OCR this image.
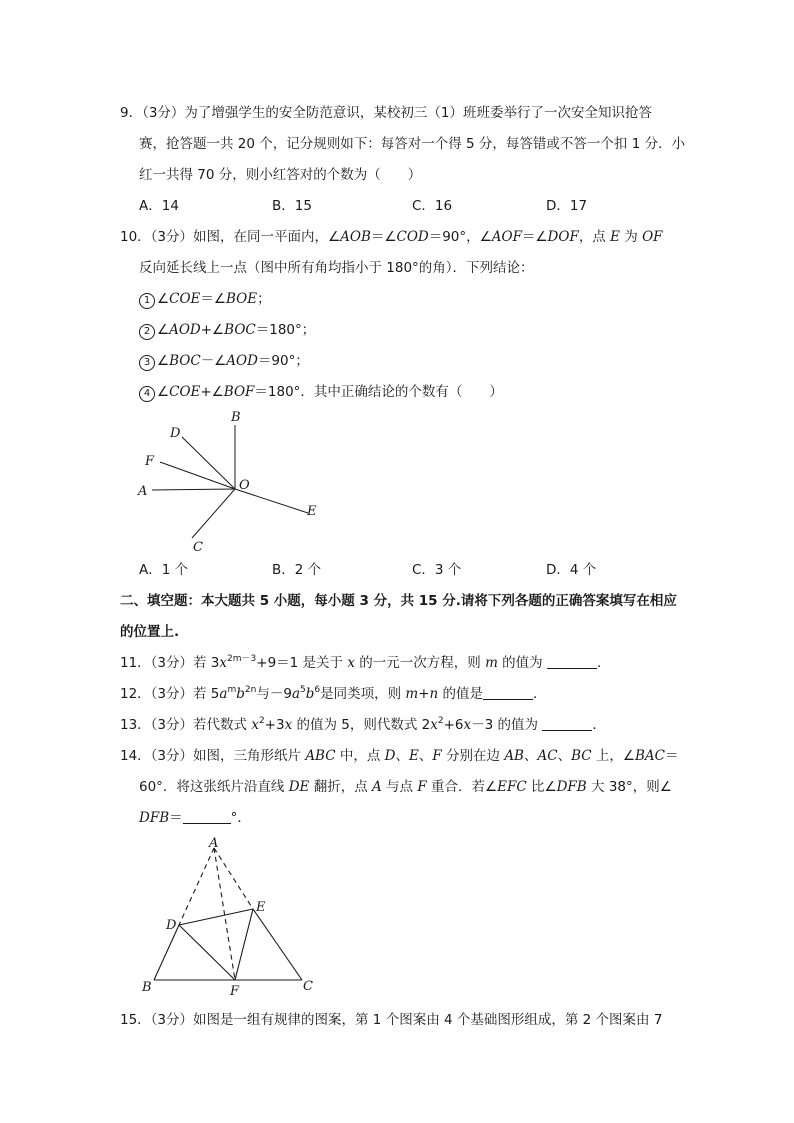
9．（3分）为了增强学生的安全防范意识，某校初三（1）班班委举行了一次安全知识抢答
赛，抢答题一共 20 个，记分规则如下：每答对一个得 5 分，每答错或不答一个扣 1 分．小
红一共得 70 分，则小红答对的个数为（　　）
A．14	B．15	C．16	D．17
10．（3分）如图，在同一平面内，∠AOB＝∠COD＝90°，∠AOF＝∠DOF，点 E 为 OF
反向延长线上一点（图中所有角均指小于 180°的角）．下列结论：
1 ∠COE＝∠BOE；
2 ∠AOD+∠BOC＝180°；
3 ∠BOC－∠AOD＝90°；
4 ∠COE+∠BOF＝180°．其中正确结论的个数有（　　）
B
D
F
A	O
E
C
A．1 个	B．2 个	C．3 个	D．4 个
二、填空题：本大题共 5 小题，每小题 3 分，共 15 分.请将下列各题的正确答案填写在相应
的位置上.
11．（3分）若 $3x^{2m-3}+9=1$ 是关于 x 的一元一次方程，则 m 的值为	．
12．（3分）若 $5a^mb^{2n}$与$-9a^5b^6$是同类项，则 m+n 的值是	．
13．（3分）若代数式 $x^2+3x$ 的值为 5，则代数式 $2x^2+6x-3$ 的值为	．
14．（3分）如图，三角形纸片 ABC 中，点 D、E、F 分别在边 AB、AC、BC 上，∠BAC＝
60°．将这张纸片沿直线 DE 翻折，点 A 与点 F 重合．若∠EFC 比∠DFB 大 38°，则∠
DFB＝	°．
A
D
E
B	F	C
15．（3分）如图是一组有规律的图案，第 1 个图案由 4 个基础图形组成，第 2 个图案由 7
